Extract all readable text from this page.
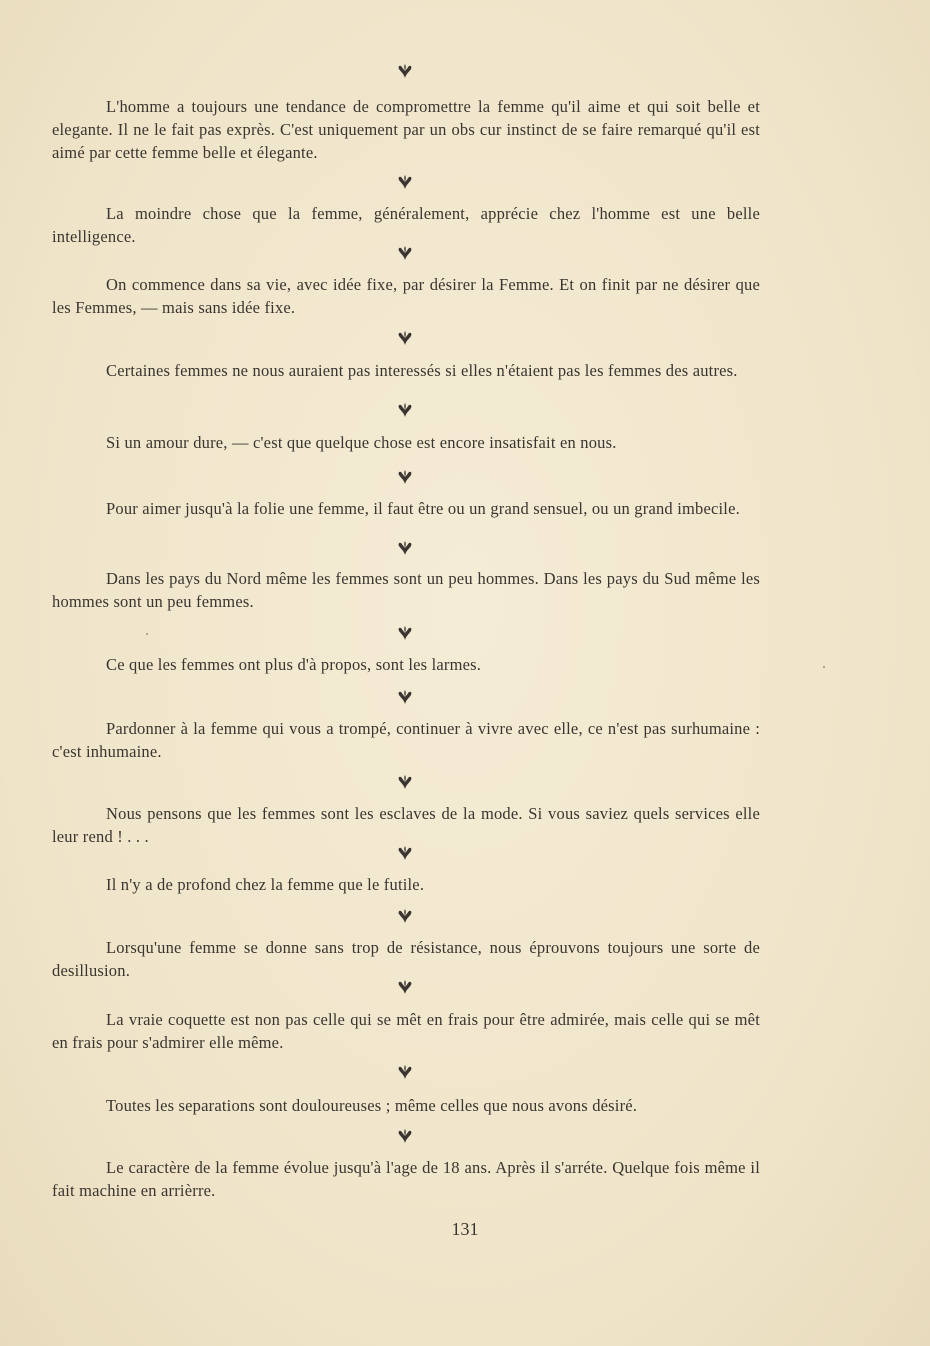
L'homme a toujours une tendance de compromettre la femme qu'il aime et qui soit belle et elegante. Il ne le fait pas exprès. C'est uniquement par un obs cur instinct de se faire remarqué qu'il est aimé par cette femme belle et élegante.
La moindre chose que la femme, généralement, apprécie chez l'homme est une belle intelligence.
On commence dans sa vie, avec idée fixe, par désirer la Femme. Et on finit par ne désirer que les Femmes, — mais sans idée fixe.
Certaines femmes ne nous auraient pas interessés si elles n'étaient pas les femmes des autres.
Si un amour dure, — c'est que quelque chose est encore insatisfait en nous.
Pour aimer jusqu'à la folie une femme, il faut être ou un grand sensuel, ou un grand imbecile.
Dans les pays du Nord même les femmes sont un peu hommes. Dans les pays du Sud même les hommes sont un peu femmes.
Ce que les femmes ont plus d'à propos, sont les larmes.
Pardonner à la femme qui vous a trompé, continuer à vivre avec elle, ce n'est pas surhumaine : c'est inhumaine.
Nous pensons que les femmes sont les esclaves de la mode. Si vous saviez quels services elle leur rend ! . . .
Il n'y a de profond chez la femme que le futile.
Lorsqu'une femme se donne sans trop de résistance, nous éprouvons toujours une sorte de desillusion.
La vraie coquette est non pas celle qui se mêt en frais pour être admirée, mais celle qui se mêt en frais pour s'admirer elle même.
Toutes les separations sont douloureuses ; même celles que nous avons désiré.
Le caractère de la femme évolue jusqu'à l'age de 18 ans. Après il s'arréte. Quelque fois même il fait machine en arrièrre.
131
